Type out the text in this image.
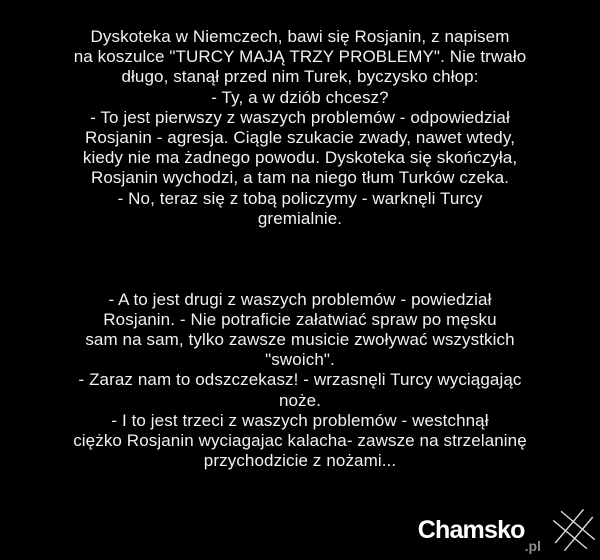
Dyskoteka w Niemczech, bawi się Rosjanin, z napisem
na koszulce "TURCY MAJĄ TRZY PROBLEMY". Nie trwało
długo, stanął przed nim Turek, byczysko chłop:
- Ty, a w dziób chcesz?
- To jest pierwszy z waszych problemów - odpowiedział
Rosjanin - agresja. Ciągle szukacie zwady, nawet wtedy,
kiedy nie ma żadnego powodu. Dyskoteka się skończyła,
Rosjanin wychodzi, a tam na niego tłum Turków czeka.
- No, teraz się z tobą policzymy - warknęli Turcy
gremialnie.
- A to jest drugi z waszych problemów - powiedział
Rosjanin. - Nie potraficie załatwiać spraw po męsku
sam na sam, tylko zawsze musicie zwoływać wszystkich
"swoich".
- Zaraz nam to odszczekasz! - wrzasnęli Turcy wyciągając
noże.
- I to jest trzeci z waszych problemów - westchnął
ciężko Rosjanin wyciagajac kalacha- zawsze na strzelaninę
przychodzicie z nożami...
Chamsko
.pl
